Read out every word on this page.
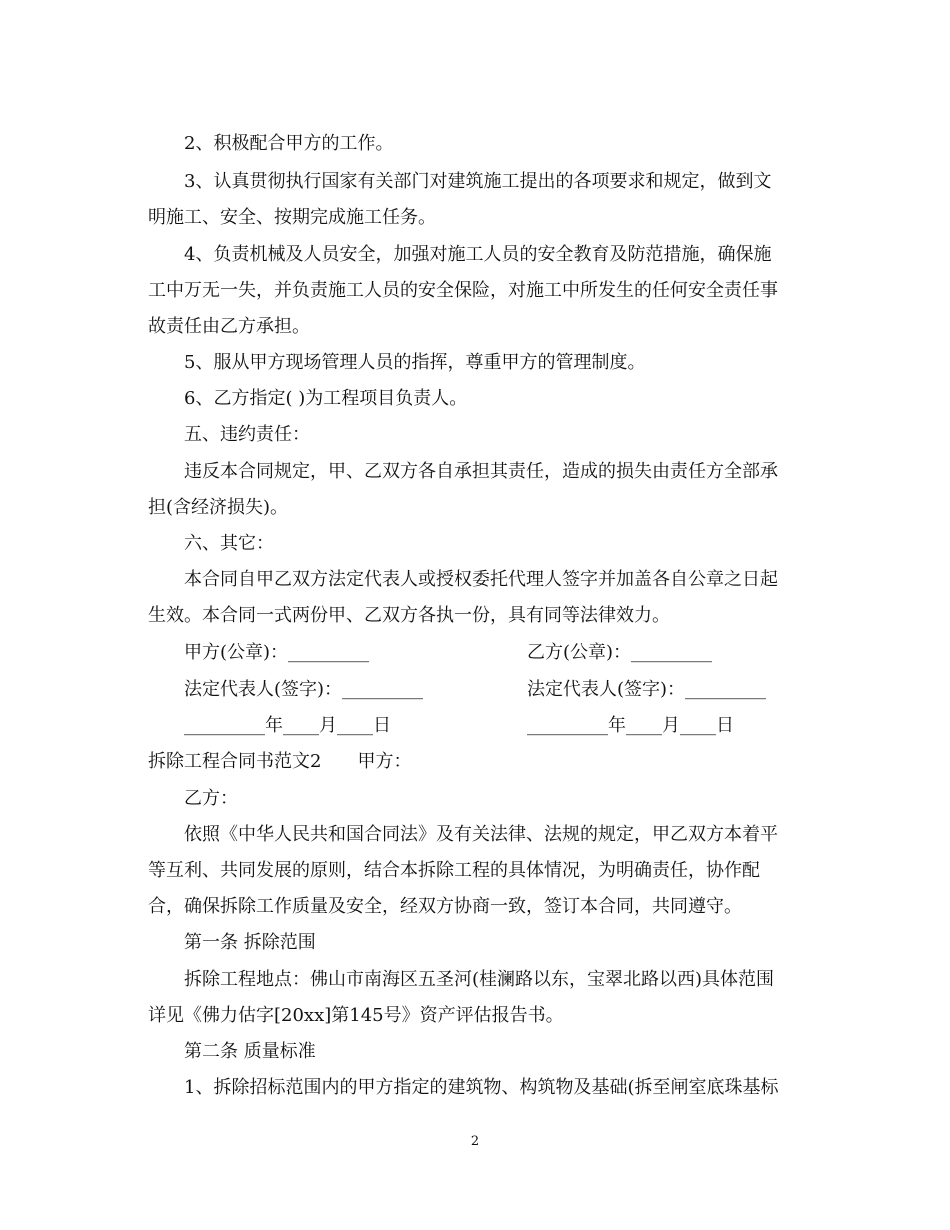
2、积极配合甲方的工作。
3、认真贯彻执行国家有关部门对建筑施工提出的各项要求和规定，做到文
明施工、安全、按期完成施工任务。
4、负责机械及人员安全，加强对施工人员的安全教育及防范措施，确保施
工中万无一失，并负责施工人员的安全保险，对施工中所发生的任何安全责任事
故责任由乙方承担。
5、服从甲方现场管理人员的指挥，尊重甲方的管理制度。
6、乙方指定( )为工程项目负责人。
五、违约责任：
违反本合同规定，甲、乙双方各自承担其责任，造成的损失由责任方全部承
担(含经济损失)。
六、其它：
本合同自甲乙双方法定代表人或授权委托代理人签字并加盖各自公章之日起
生效。本合同一式两份甲、乙双方各执一份，具有同等法律效力。
甲方(公章)：_________	乙方(公章)：_________
法定代表人(签字)：_________	法定代表人(签字)：_________
_________年____月____日	_________年____月____日
拆除工程合同书范文2　　甲方：
乙方：
依照《中华人民共和国合同法》及有关法律、法规的规定，甲乙双方本着平
等互利、共同发展的原则，结合本拆除工程的具体情况，为明确责任，协作配
合，确保拆除工作质量及安全，经双方协商一致，签订本合同，共同遵守。
第一条 拆除范围
拆除工程地点：佛山市南海区五圣河(桂澜路以东，宝翠北路以西)具体范围
详见《佛力估字[20xx]第145号》资产评估报告书。
第二条 质量标准
1、拆除招标范围内的甲方指定的建筑物、构筑物及基础(拆至闸室底珠基标
2
